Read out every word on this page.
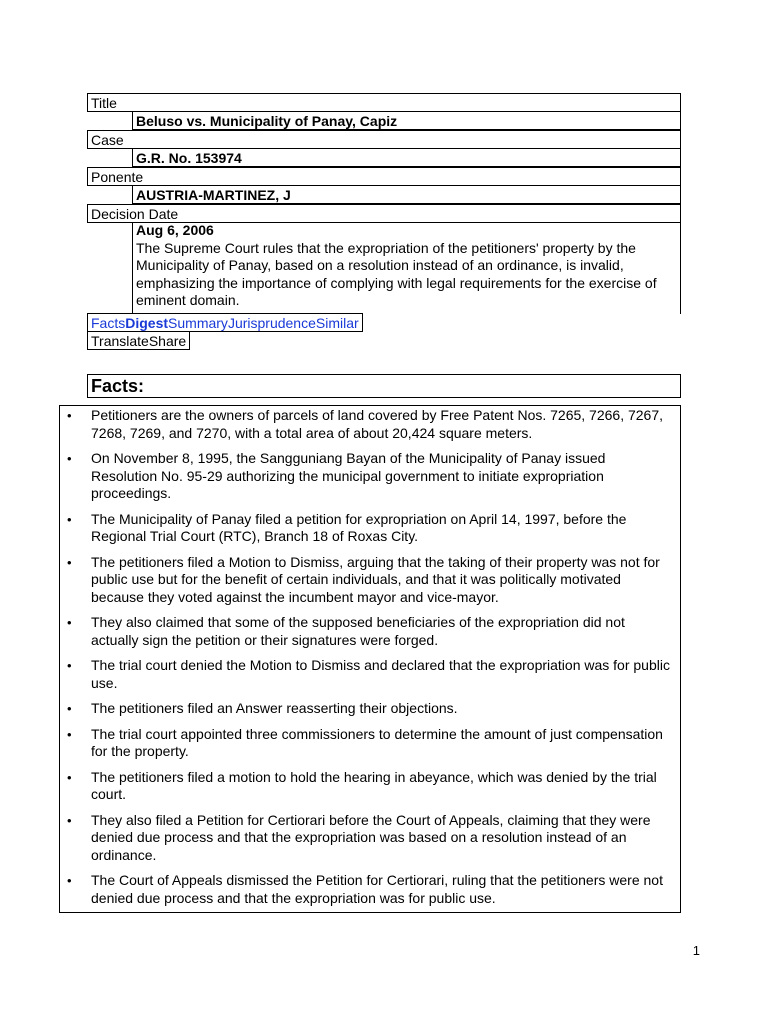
Title
Beluso vs. Municipality of Panay, Capiz
Case
G.R. No. 153974
Ponente
AUSTRIA-MARTINEZ, J
Decision Date
Aug 6, 2006
The Supreme Court rules that the expropriation of the petitioners' property by the Municipality of Panay, based on a resolution instead of an ordinance, is invalid, emphasizing the importance of complying with legal requirements for the exercise of eminent domain.
FactsDigestSummaryJurisprudenceSimilar
TranslateShare
Facts:
• Petitioners are the owners of parcels of land covered by Free Patent Nos. 7265, 7266, 7267, 7268, 7269, and 7270, with a total area of about 20,424 square meters.
• On November 8, 1995, the Sangguniang Bayan of the Municipality of Panay issued Resolution No. 95-29 authorizing the municipal government to initiate expropriation proceedings.
• The Municipality of Panay filed a petition for expropriation on April 14, 1997, before the Regional Trial Court (RTC), Branch 18 of Roxas City.
• The petitioners filed a Motion to Dismiss, arguing that the taking of their property was not for public use but for the benefit of certain individuals, and that it was politically motivated because they voted against the incumbent mayor and vice-mayor.
• They also claimed that some of the supposed beneficiaries of the expropriation did not actually sign the petition or their signatures were forged.
• The trial court denied the Motion to Dismiss and declared that the expropriation was for public use.
• The petitioners filed an Answer reasserting their objections.
• The trial court appointed three commissioners to determine the amount of just compensation for the property.
• The petitioners filed a motion to hold the hearing in abeyance, which was denied by the trial court.
• They also filed a Petition for Certiorari before the Court of Appeals, claiming that they were denied due process and that the expropriation was based on a resolution instead of an ordinance.
• The Court of Appeals dismissed the Petition for Certiorari, ruling that the petitioners were not denied due process and that the expropriation was for public use.
1
